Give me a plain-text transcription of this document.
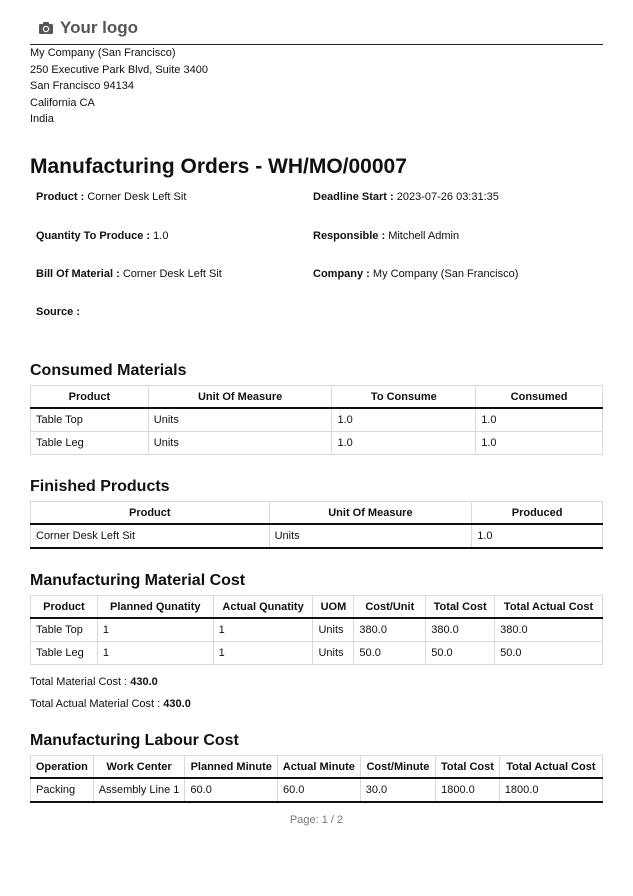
Your logo
My Company (San Francisco)
250 Executive Park Blvd, Suite 3400
San Francisco 94134
California CA
India
Manufacturing Orders - WH/MO/00007
Product : Corner Desk Left Sit	Deadline Start : 2023-07-26 03:31:35
Quantity To Produce : 1.0	Responsible : Mitchell Admin
Bill Of Material : Corner Desk Left Sit	Company : My Company (San Francisco)
Source :
Consumed Materials
Product	Unit Of Measure	To Consume	Consumed
Table Top	Units	1.0	1.0
Table Leg	Units	1.0	1.0
Finished Products
Product	Unit Of Measure	Produced
Corner Desk Left Sit	Units	1.0
Manufacturing Material Cost
Product	Planned Qunatity	Actual Qunatity	UOM	Cost/Unit	Total Cost	Total Actual Cost
Table Top	1	1	Units	380.0	380.0	380.0
Table Leg	1	1	Units	50.0	50.0	50.0
Total Material Cost : 430.0
Total Actual Material Cost : 430.0
Manufacturing Labour Cost
Operation	Work Center	Planned Minute	Actual Minute	Cost/Minute	Total Cost	Total Actual Cost
Packing	Assembly Line 1	60.0	60.0	30.0	1800.0	1800.0
Page: 1 / 2
